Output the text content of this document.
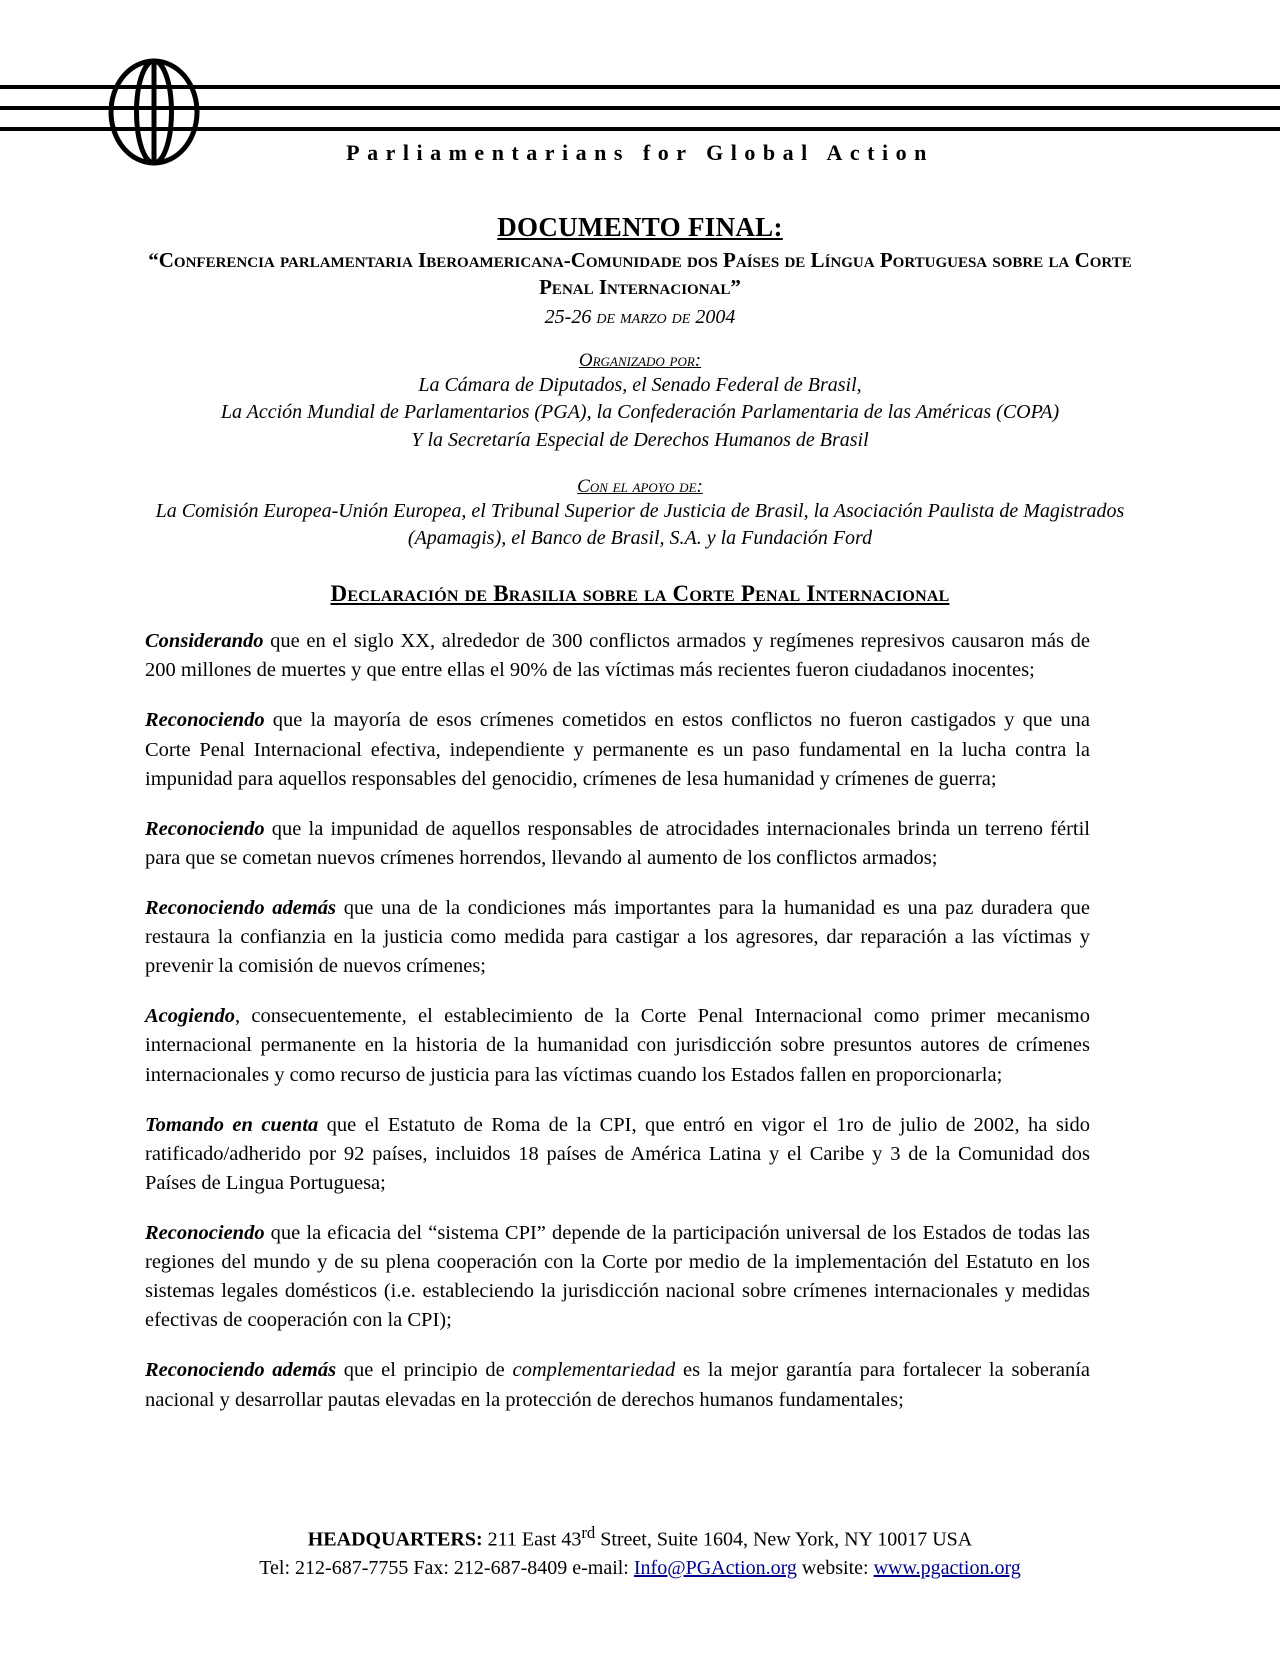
Parliamentarians for Global Action
DOCUMENTO FINAL:
“Conferencia parlamentaria Iberoamericana-Comunidade dos Países de Língua Portuguesa sobre la Corte Penal Internacional”
25-26 de marzo de 2004
Organizado por:
La Cámara de Diputados, el Senado Federal de Brasil,
La Acción Mundial de Parlamentarios (PGA), la Confederación Parlamentaria de las Américas (COPA)
Y la Secretaría Especial de Derechos Humanos de Brasil
Con el apoyo de:
La Comisión Europea-Unión Europea, el Tribunal Superior de Justicia de Brasil, la Asociación Paulista de Magistrados
(Apamagis), el Banco de Brasil, S.A. y la Fundación Ford
Declaración de Brasilia sobre la Corte Penal Internacional

Considerando que en el siglo XX, alrededor de 300 conflictos armados y regímenes represivos causaron más de 200 millones de muertes y que entre ellas el 90% de las víctimas más recientes fueron ciudadanos inocentes;

Reconociendo que la mayoría de esos crímenes cometidos en estos conflictos no fueron castigados y que una Corte Penal Internacional efectiva, independiente y permanente es un paso fundamental en la lucha contra la impunidad para aquellos responsables del genocidio, crímenes de lesa humanidad y crímenes de guerra;

Reconociendo que la impunidad de aquellos responsables de atrocidades internacionales brinda un terreno fértil para que se cometan nuevos crímenes horrendos, llevando al aumento de los conflictos armados;

Reconociendo además que una de la condiciones más importantes para la humanidad es una paz duradera que restaura la confianzia en la justicia como medida para castigar a los agresores, dar reparación a las víctimas y prevenir la comisión de nuevos crímenes;

Acogiendo, consecuentemente, el establecimiento de la Corte Penal Internacional como primer mecanismo internacional permanente en la historia de la humanidad con jurisdicción sobre presuntos autores de crímenes internacionales y como recurso de justicia para las víctimas cuando los Estados fallen en proporcionarla;

Tomando en cuenta que el Estatuto de Roma de la CPI, que entró en vigor el 1ro de julio de 2002, ha sido ratificado/adherido por 92 países, incluidos 18 países de América Latina y el Caribe y 3 de la Comunidad dos Países de Lingua Portuguesa;

Reconociendo que la eficacia del “sistema CPI” depende de la participación universal de los Estados de todas las regiones del mundo y de su plena cooperación con la Corte por medio de la implementación del Estatuto en los sistemas legales domésticos (i.e. estableciendo la jurisdicción nacional sobre crímenes internacionales y medidas efectivas de cooperación con la CPI);

Reconociendo además que el principio de complementariedad es la mejor garantía para fortalecer la soberanía nacional y desarrollar pautas elevadas en la protección de derechos humanos fundamentales;

HEADQUARTERS: 211 East 43rd Street, Suite 1604, New York, NY 10017 USA
Tel: 212-687-7755 Fax: 212-687-8409 e-mail: Info@PGAction.org website: www.pgaction.org
